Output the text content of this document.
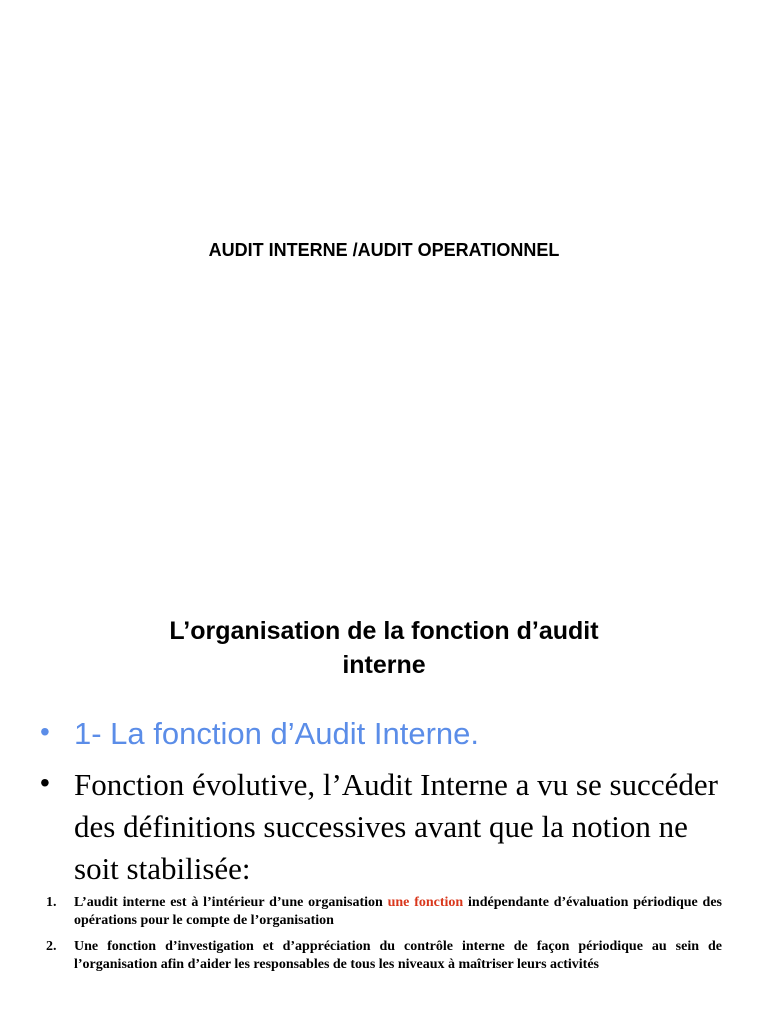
AUDIT INTERNE /AUDIT OPERATIONNEL
L’organisation de la fonction d’audit
interne
• 1- La fonction d’Audit Interne.
• Fonction évolutive, l’Audit Interne a vu se succéder des définitions successives avant que la notion ne soit stabilisée:
1. L’audit interne est à l’intérieur d’une organisation une fonction indépendante d’évaluation périodique des opérations pour le compte de l’organisation
2. Une fonction d’investigation et d’appréciation du contrôle interne de façon périodique au sein de l’organisation afin d’aider les responsables de tous les niveaux à maîtriser leurs activités
